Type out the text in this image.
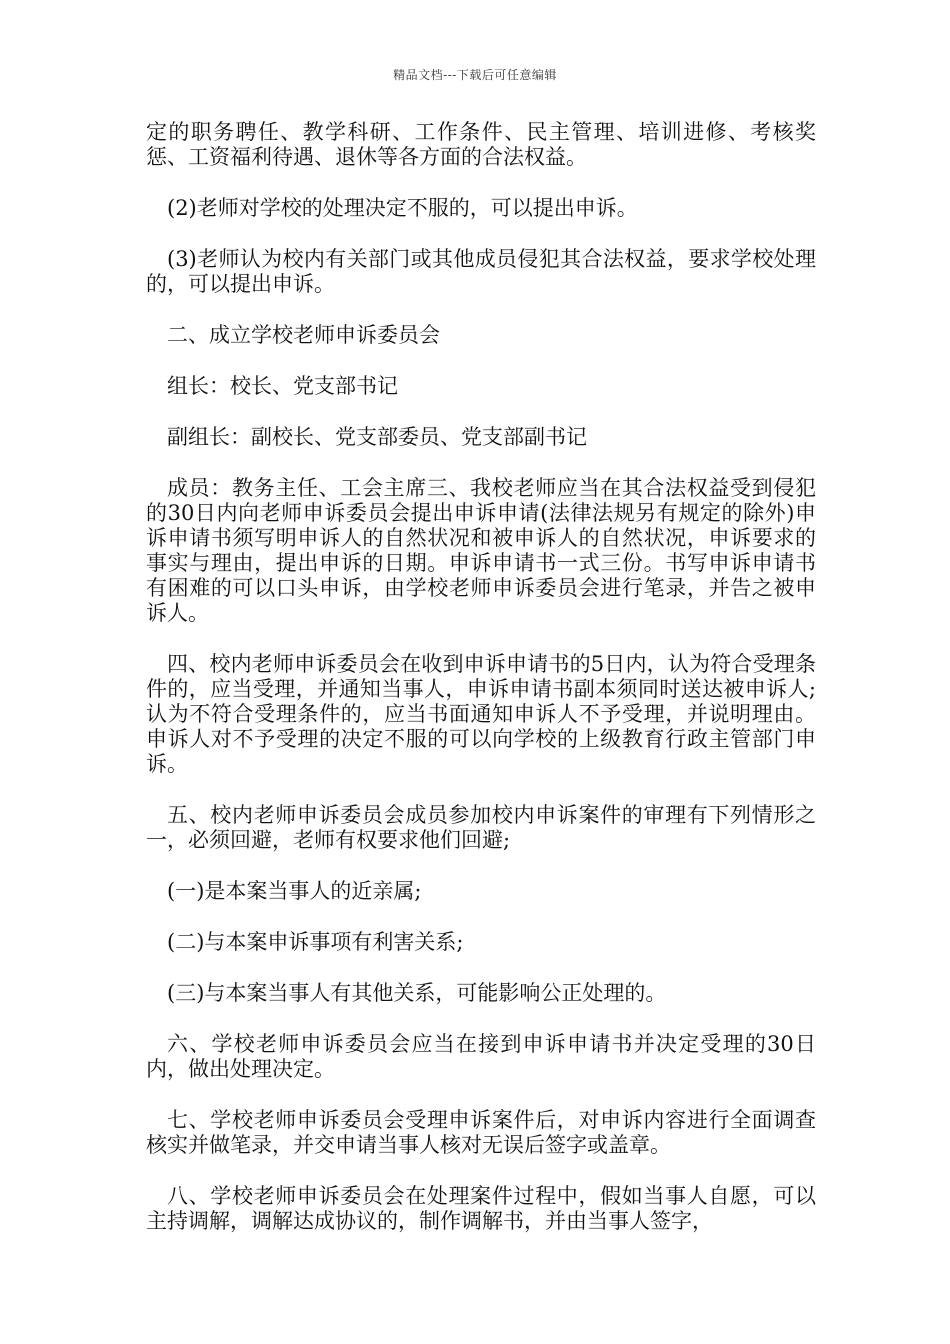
精品文档---下载后可任意编辑

定的职务聘任、教学科研、工作条件、民主管理、培训进修、考核奖惩、工资福利待遇、退休等各方面的合法权益。

(2)老师对学校的处理决定不服的，可以提出申诉。

(3)老师认为校内有关部门或其他成员侵犯其合法权益，要求学校处理的，可以提出申诉。

二、成立学校老师申诉委员会

组长：校长、党支部书记

副组长：副校长、党支部委员、党支部副书记

成员：教务主任、工会主席三、我校老师应当在其合法权益受到侵犯的30日内向老师申诉委员会提出申诉申请(法律法规另有规定的除外)申诉申请书须写明申诉人的自然状况和被申诉人的自然状况，申诉要求的事实与理由，提出申诉的日期。申诉申请书一式三份。书写申诉申请书有困难的可以口头申诉，由学校老师申诉委员会进行笔录，并告之被申诉人。

四、校内老师申诉委员会在收到申诉申请书的5日内，认为符合受理条件的，应当受理，并通知当事人，申诉申请书副本须同时送达被申诉人;认为不符合受理条件的，应当书面通知申诉人不予受理，并说明理由。申诉人对不予受理的决定不服的可以向学校的上级教育行政主管部门申诉。

五、校内老师申诉委员会成员参加校内申诉案件的审理有下列情形之一，必须回避，老师有权要求他们回避;

(一)是本案当事人的近亲属;

(二)与本案申诉事项有利害关系;

(三)与本案当事人有其他关系，可能影响公正处理的。

六、学校老师申诉委员会应当在接到申诉申请书并决定受理的30日内，做出处理决定。

七、学校老师申诉委员会受理申诉案件后，对申诉内容进行全面调查核实并做笔录，并交申请当事人核对无误后签字或盖章。

八、学校老师申诉委员会在处理案件过程中，假如当事人自愿，可以主持调解，调解达成协议的，制作调解书，并由当事人签字，
